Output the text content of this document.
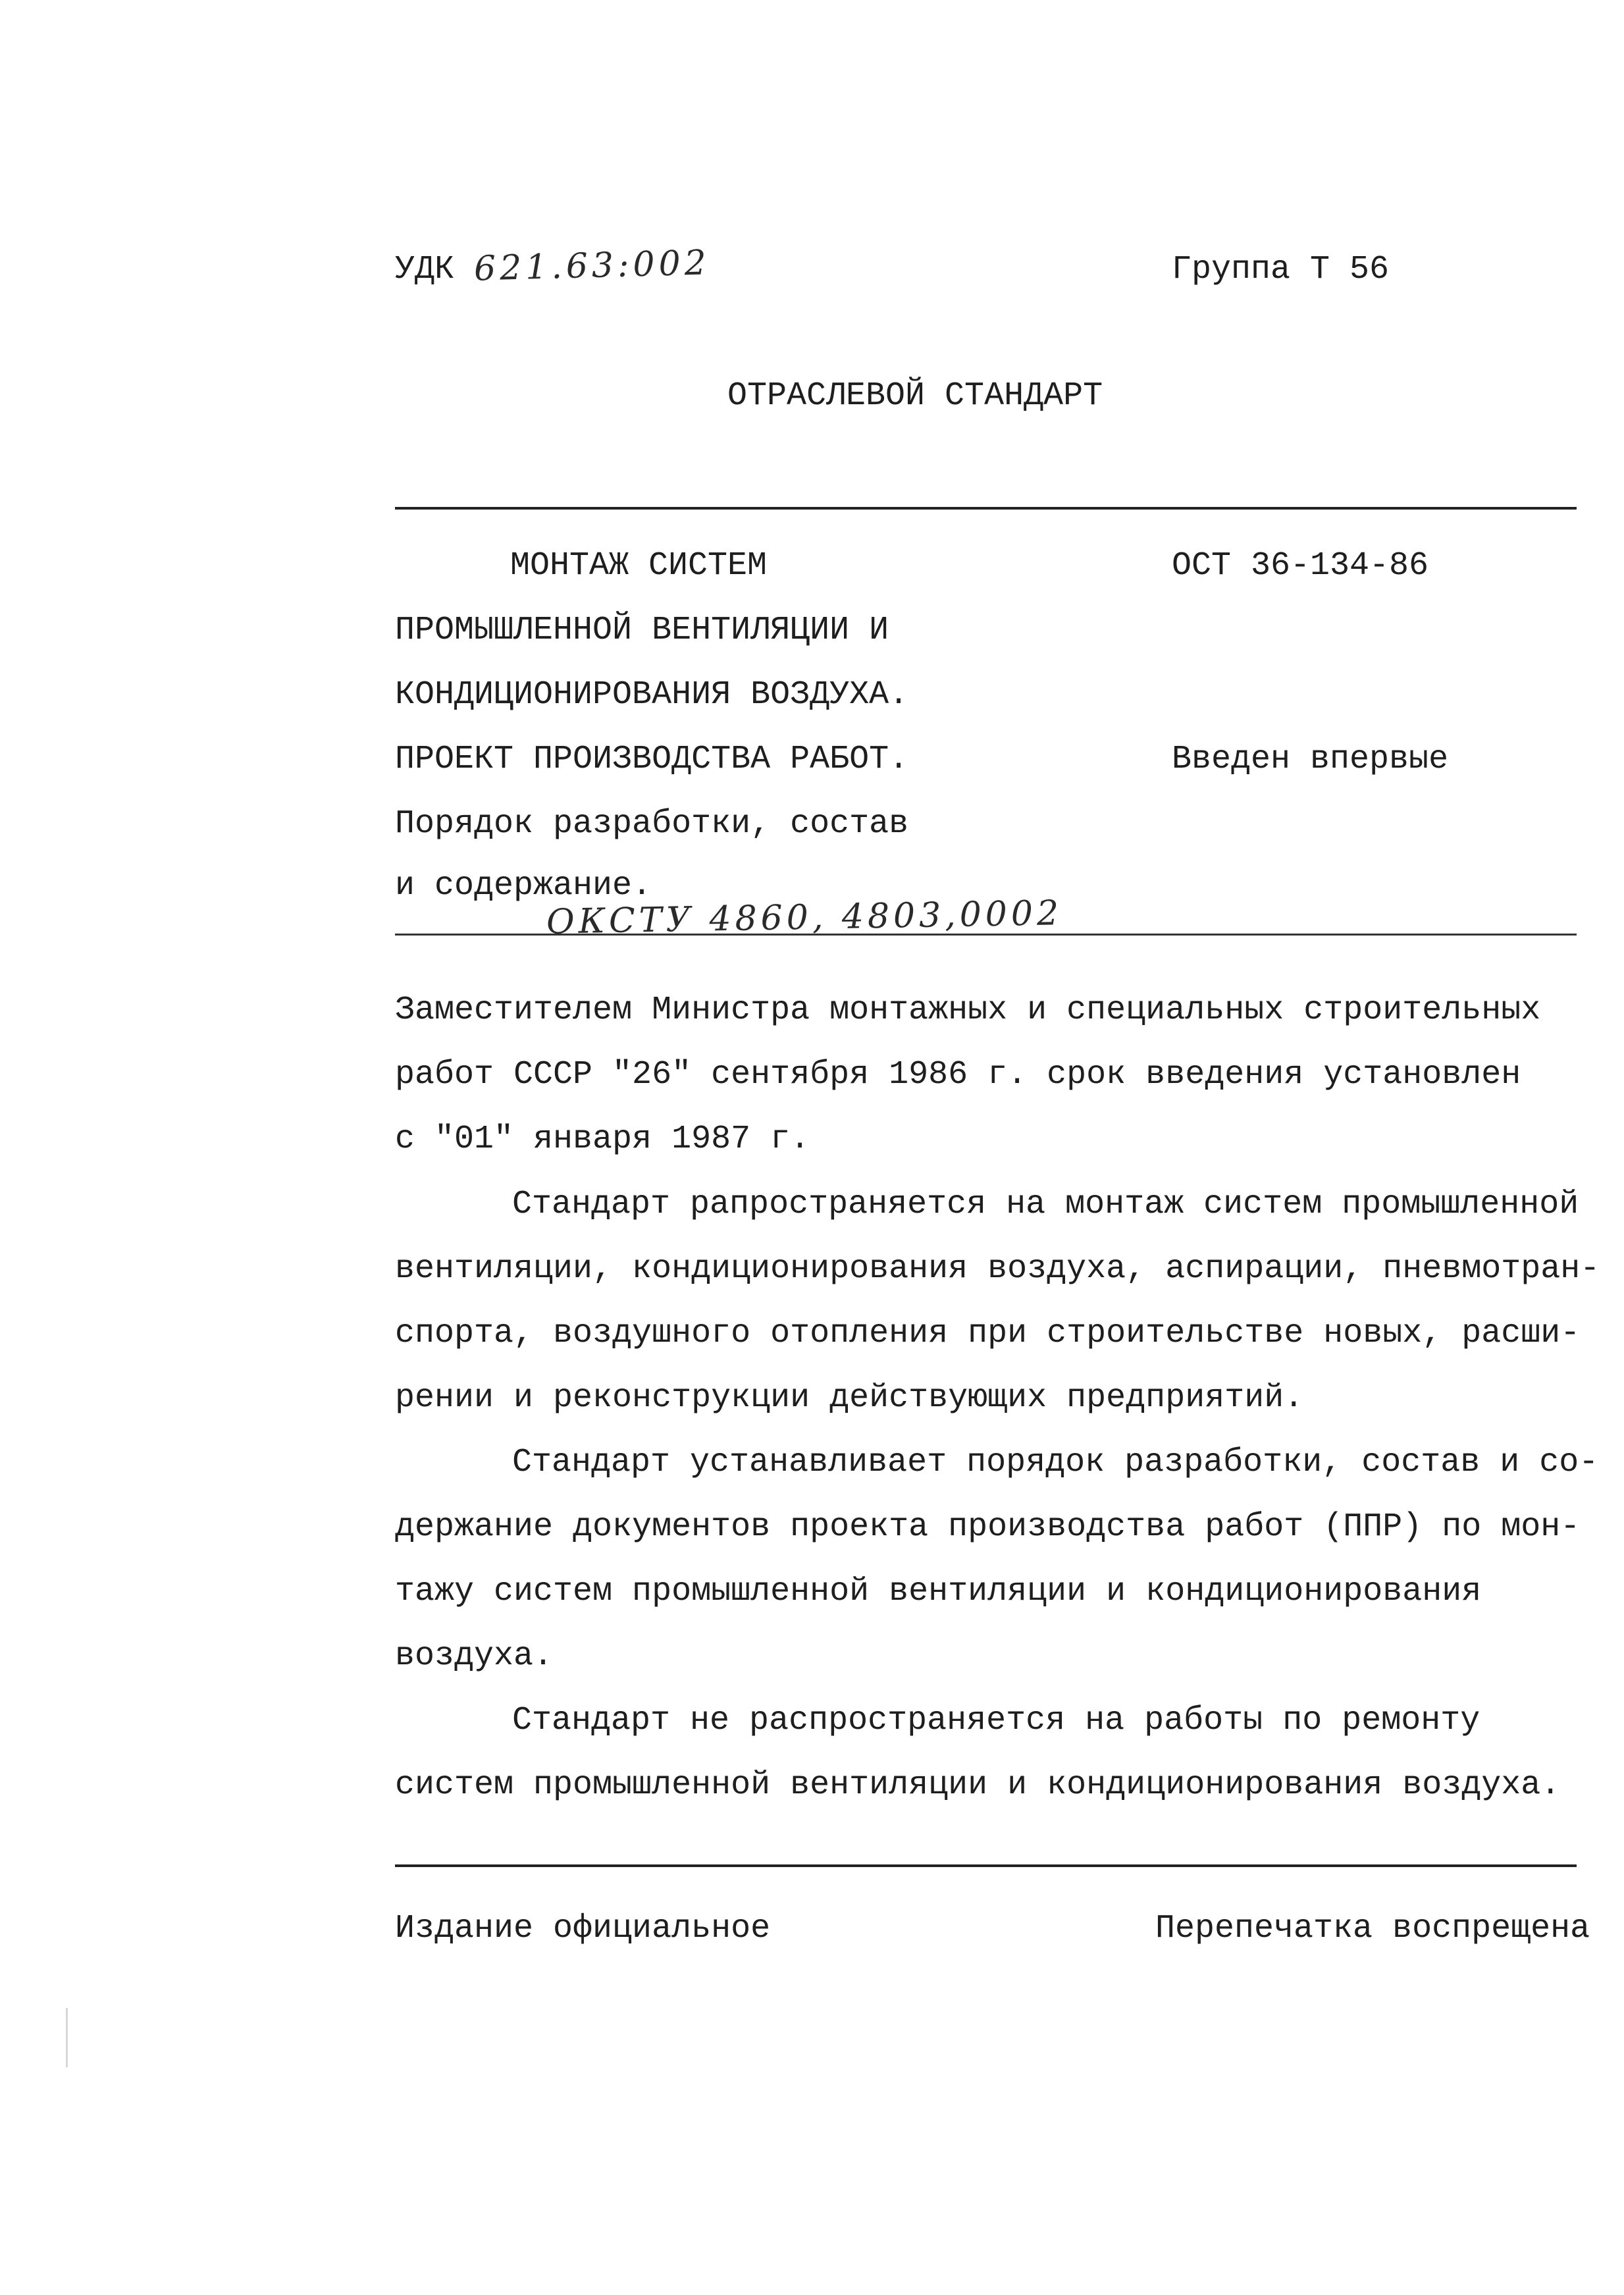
УДК 621.63:002	Группа Т 56
ОТРАСЛЕВОЙ СТАНДАРТ
МОНТАЖ СИСТЕМ
ПРОМЫШЛЕННОЙ ВЕНТИЛЯЦИИ И
КОНДИЦИОНИРОВАНИЯ ВОЗДУХА.
ПРОЕКТ ПРОИЗВОДСТВА РАБОТ.
Порядок разработки, состав
и содержание.
ОСТ 36-134-86
Введен впервые
ОКСТУ 4860, 4803,0002
Заместителем Министра монтажных и специальных строительных
работ СССР "26" сентября 1986 г. срок введения установлен
с "01" января 1987 г.
Стандарт рапространяется на монтаж систем промышленной
вентиляции, кондиционирования воздуха, аспирации, пневмотран-
спорта, воздушного отопления при строительстве новых, расши-
рении и реконструкции действующих предприятий.
Стандарт устанавливает порядок разработки, состав и со-
держание документов проекта производства работ (ППР) по мон-
тажу систем промышленной вентиляции и кондиционирования
воздуха.
Стандарт не распространяется на работы по ремонту
систем промышленной вентиляции и кондиционирования воздуха.
Издание официальное	Перепечатка воспрещена
